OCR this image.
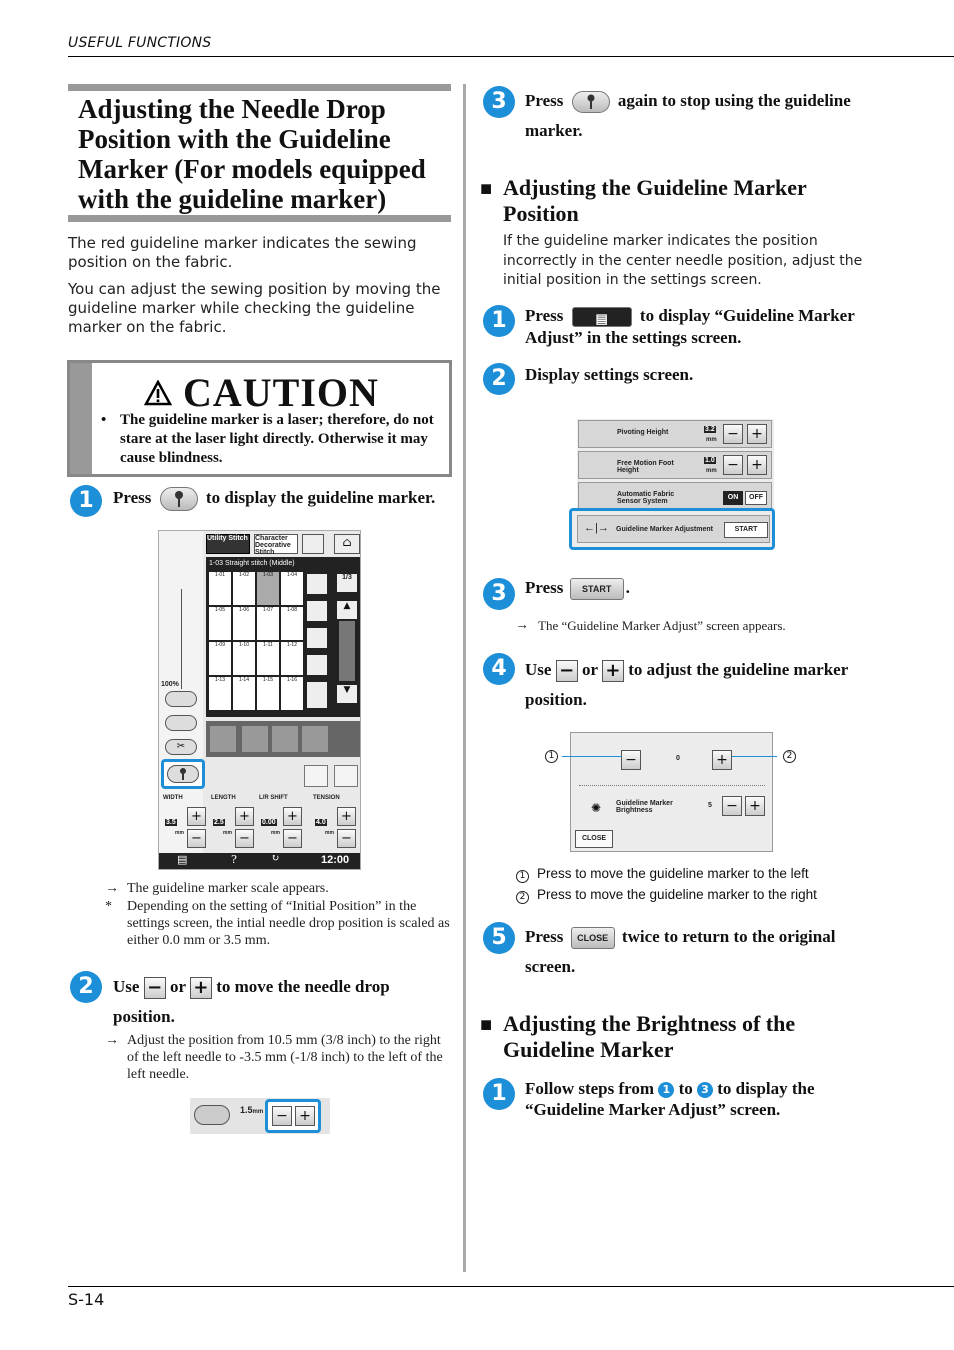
USEFUL FUNCTIONS
Adjusting the Needle Drop Position with the Guideline Marker (For models equipped with the guideline marker)
The red guideline marker indicates the sewing position on the fabric.
You can adjust the sewing position by moving the guideline marker while checking the guideline marker on the fabric.
CAUTION
• The guideline marker is a laser; therefore, do not stare at the laser light directly. Otherwise it may cause blindness.
1	Press	to display the guideline marker.
100%
✂
Utility Stitch	Character Decorative Stitch
⌂
1-03 Straight stitch (Middle)
1-01	1-02	1-03	1-04
1-05	1-06	1-07	1-08
1-09	1-10	1-11	1-12
1-13	1-14	1-15	1-16
1/3
▲
▼
WIDTH	LENGTH	L/R SHIFT	TENSION
3.5
mm
+
−
2.5
mm
+
−
0.00
mm
+
−
4.0
mm
+
−
▤	?	↻	12:00
→ The guideline marker scale appears.
* Depending on the setting of “Initial Position” in the settings screen, the intial needle drop position is scaled as either 0.0 mm or 3.5 mm.
2	Use − or + to move the needle drop position.
→ Adjust the position from 10.5 mm (3/8 inch) to the right of the left needle to -3.5 mm (-1/8 inch) to the left of the left needle.
1.5mm − +
3	Press	again to stop using the guideline marker.
■ Adjusting the Guideline Marker Position
If the guideline marker indicates the position incorrectly in the center needle position, adjust the initial position in the settings screen.
1	Press ▤ to display “Guideline Marker Adjust” in the settings screen.
2	Display settings screen.
Pivoting Height	3.2
mm − +
Free Motion Foot Height
1.0
mm − +
Automatic Fabric Sensor System
ON	OFF
←|→ Guideline Marker Adjustment	START
3	Press START .
→ The “Guideline Marker Adjust” screen appears.
4	Use − or + to adjust the guideline marker position.
−	0	+
✺ Guideline Marker Brightness
5 − +
CLOSE
1	2
1 Press to move the guideline marker to the left
2 Press to move the guideline marker to the right
5	Press CLOSE twice to return to the original screen.
■ Adjusting the Brightness of the Guideline Marker
1	Follow steps from 1 to 3 to display the “Guideline Marker Adjust” screen.
S-14
